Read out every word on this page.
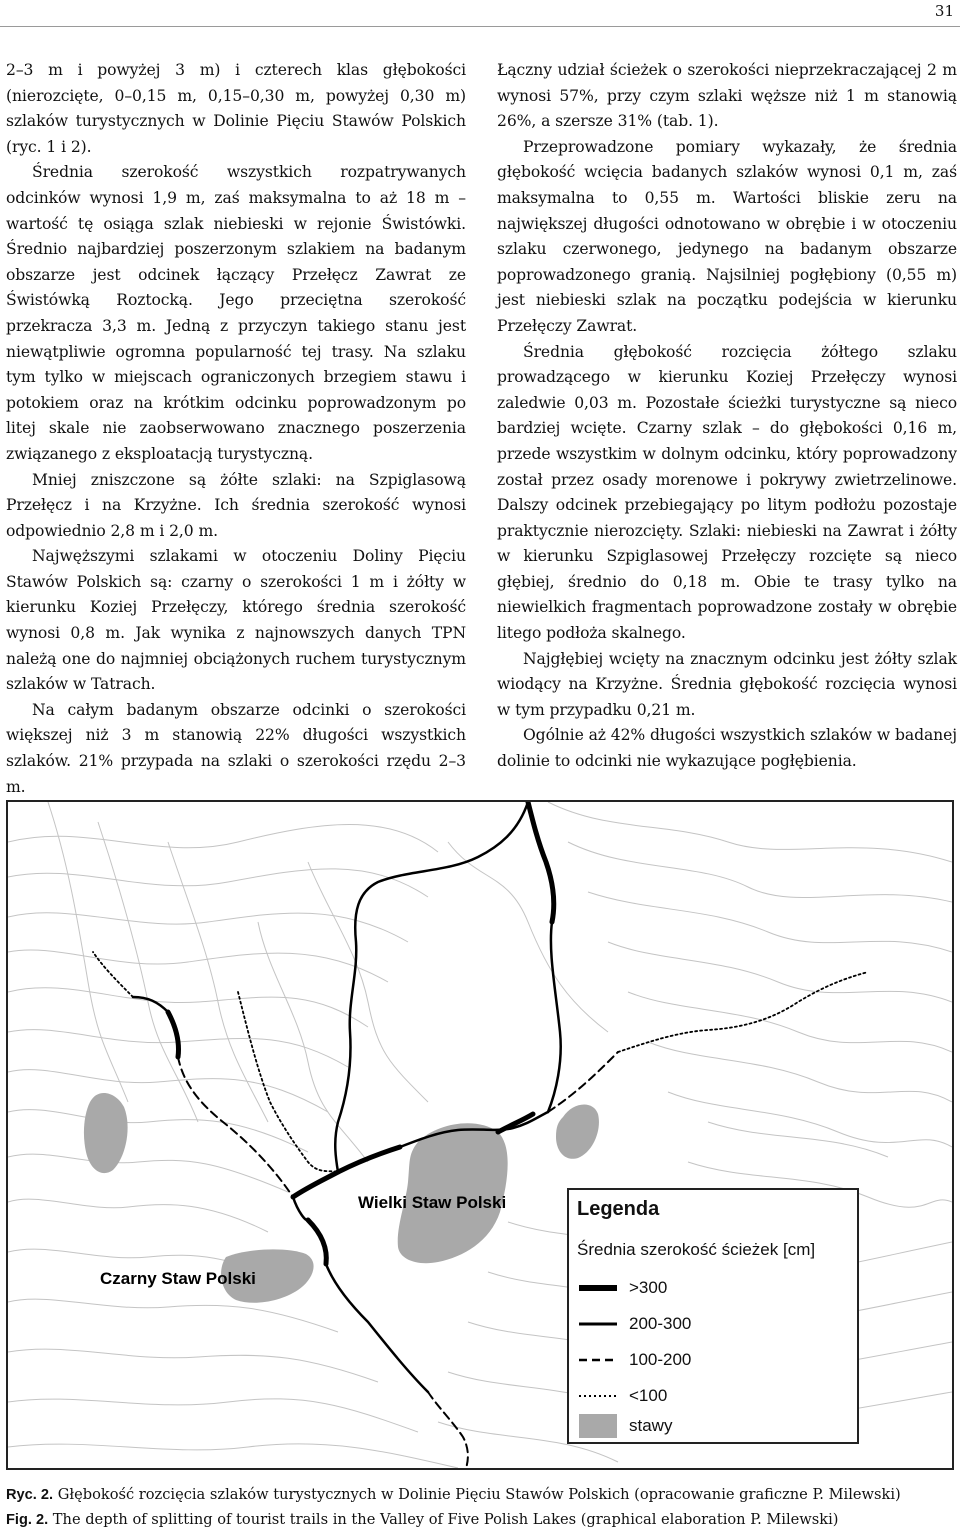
31

2–3 m i powyżej 3 m) i czterech klas głębokości (nierozcięte, 0–0,15 m, 0,15–0,30 m, powyżej 0,30 m) szlaków turystycznych w Dolinie Pięciu Stawów Polskich (ryc. 1 i 2).

Średnia szerokość wszystkich rozpatrywanych odcinków wynosi 1,9 m, zaś maksymalna to aż 18 m – wartość tę osiąga szlak niebieski w rejonie Świstówki. Średnio najbardziej poszerzonym szlakiem na badanym obszarze jest odcinek łączący Przełęcz Zawrat ze Świstówką Roztocką. Jego przeciętna szerokość przekracza 3,3 m. Jedną z przyczyn takiego stanu jest niewątpliwie ogromna popularność tej trasy. Na szlaku tym tylko w miejscach ograniczonych brzegiem stawu i potokiem oraz na krótkim odcinku poprowadzonym po litej skale nie zaobserwowano znacznego poszerzenia związanego z eksploatacją turystyczną.

Mniej zniszczone są żółte szlaki: na Szpiglasową Przełęcz i na Krzyżne. Ich średnia szerokość wynosi odpowiednio 2,8 m i 2,0 m.

Najwęższymi szlakami w otoczeniu Doliny Pięciu Stawów Polskich są: czarny o szerokości 1 m i żółty w kierunku Koziej Przełęczy, którego średnia szerokość wynosi 0,8 m. Jak wynika z najnowszych danych TPN należą one do najmniej obciążonych ruchem turystycznym szlaków w Tatrach.

Na całym badanym obszarze odcinki o szerokości większej niż 3 m stanowią 22% długości wszystkich szlaków. 21% przypada na szlaki o szerokości rzędu 2–3 m.

Łączny udział ścieżek o szerokości nieprzekraczającej 2 m wynosi 57%, przy czym szlaki węższe niż 1 m stanowią 26%, a szersze 31% (tab. 1).

Przeprowadzone pomiary wykazały, że średnia głębokość wcięcia badanych szlaków wynosi 0,1 m, zaś maksymalna to 0,55 m. Wartości bliskie zeru na największej długości odnotowano w obrębie i w otoczeniu szlaku czerwonego, jedynego na badanym obszarze poprowadzonego granią. Najsilniej pogłębiony (0,55 m) jest niebieski szlak na początku podejścia w kierunku Przełęczy Zawrat.

Średnia głębokość rozcięcia żółtego szlaku prowadzącego w kierunku Koziej Przełęczy wynosi zaledwie 0,03 m. Pozostałe ścieżki turystyczne są nieco bardziej wcięte. Czarny szlak – do głębokości 0,16 m, przede wszystkim w dolnym odcinku, który poprowadzony został przez osady morenowe i pokrywy zwietrzelinowe. Dalszy odcinek przebiegający po litym podłożu pozostaje praktycznie nierozcięty. Szlaki: niebieski na Zawrat i żółty w kierunku Szpiglasowej Przełęczy rozcięte są nieco głębiej, średnio do 0,18 m. Obie te trasy tylko na niewielkich fragmentach poprowadzone zostały w obrębie litego podłoża skalnego.

Najgłębiej wcięty na znacznym odcinku jest żółty szlak wiodący na Krzyżne. Średnia głębokość rozcięcia wynosi w tym przypadku 0,21 m.

Ogólnie aż 42% długości wszystkich szlaków w badanej dolinie to odcinki nie wykazujące pogłębienia.

Wielki Staw Polski
Czarny Staw Polski
Legenda
Średnia szerokość ścieżek [cm]
>300
200-300
100-200
<100
stawy
Ryc. 2. Głębokość rozcięcia szlaków turystycznych w Dolinie Pięciu Stawów Polskich (opracowanie graficzne P. Milewski)
Fig. 2. The depth of splitting of tourist trails in the Valley of Five Polish Lakes (graphical elaboration P. Milewski)
